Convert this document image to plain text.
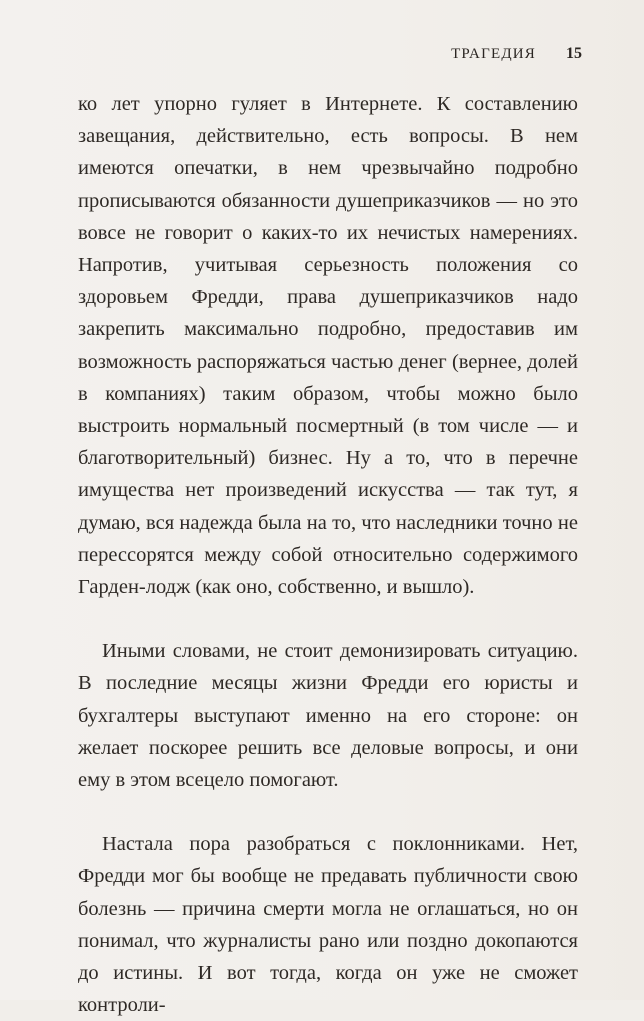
ТРАГЕДИЯ 15

ко лет упорно гуляет в Интернете. К составлению завещания, действительно, есть вопросы. В нем имеются опечатки, в нем чрезвычайно подробно прописываются обязанности душеприказчиков — но это вовсе не говорит о каких-то их нечистых намерениях. Напротив, учитывая серьезность положения со здоровьем Фредди, права душеприказчиков надо закрепить максимально подробно, предоставив им возможность распоряжаться частью денег (вернее, долей в компаниях) таким образом, чтобы можно было выстроить нормальный посмертный (в том числе — и благотворительный) бизнес. Ну а то, что в перечне имущества нет произведений искусства — так тут, я думаю, вся надежда была на то, что наследники точно не перессорятся между собой относительно содержимого Гарден-лодж (как оно, собственно, и вышло).

Иными словами, не стоит демонизировать ситуацию. В последние месяцы жизни Фредди его юристы и бухгалтеры выступают именно на его стороне: он желает поскорее решить все деловые вопросы, и они ему в этом всецело помогают.

Настала пора разобраться с поклонниками. Нет, Фредди мог бы вообще не предавать публичности свою болезнь — причина смерти могла не оглашаться, но он понимал, что журналисты рано или поздно докопаются до истины. И вот тогда, когда он уже не сможет контроли-
